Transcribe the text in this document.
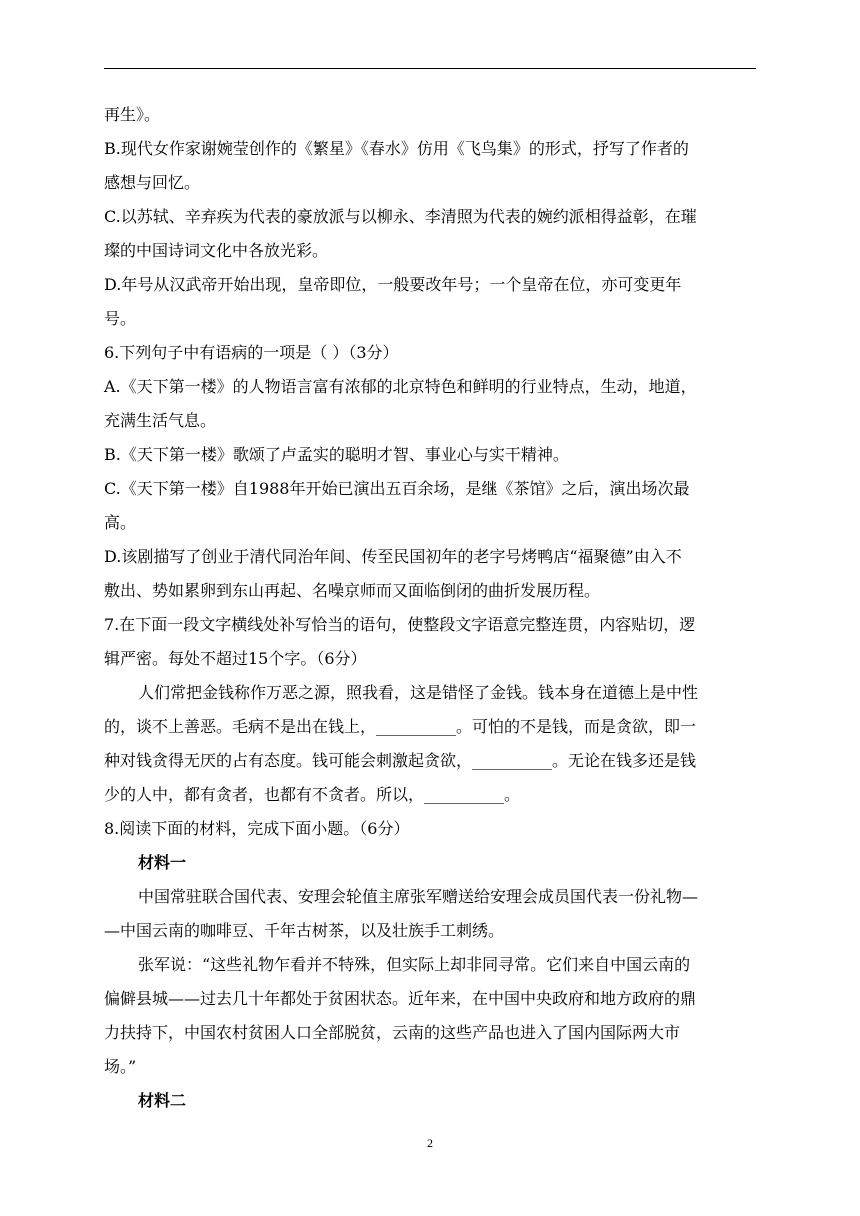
再生》。
B.现代女作家谢婉莹创作的《繁星》《春水》仿用《飞鸟集》的形式，抒写了作者的
感想与回忆。
C.以苏轼、辛弃疾为代表的豪放派与以柳永、李清照为代表的婉约派相得益彰，在璀
璨的中国诗词文化中各放光彩。
D.年号从汉武帝开始出现，皇帝即位，一般要改年号；一个皇帝在位，亦可变更年
号。
6.下列句子中有语病的一项是（ ）（3分）
A.《天下第一楼》的人物语言富有浓郁的北京特色和鲜明的行业特点，生动，地道，
充满生活气息。
B.《天下第一楼》歌颂了卢孟实的聪明才智、事业心与实干精神。
C.《天下第一楼》自1988年开始已演出五百余场，是继《茶馆》之后，演出场次最
高。
D.该剧描写了创业于清代同治年间、传至民国初年的老字号烤鸭店“福聚德”由入不
敷出、势如累卵到东山再起、名噪京师而又面临倒闭的曲折发展历程。
7.在下面一段文字横线处补写恰当的语句，使整段文字语意完整连贯，内容贴切，逻
辑严密。每处不超过15个字。（6分）
人们常把金钱称作万恶之源，照我看，这是错怪了金钱。钱本身在道德上是中性
的，谈不上善恶。毛病不是出在钱上，__________。可怕的不是钱，而是贪欲，即一
种对钱贪得无厌的占有态度。钱可能会刺激起贪欲，__________。无论在钱多还是钱
少的人中，都有贪者，也都有不贪者。所以，__________。
8.阅读下面的材料，完成下面小题。（6分）
材料一
中国常驻联合国代表、安理会轮值主席张军赠送给安理会成员国代表一份礼物—
—中国云南的咖啡豆、千年古树茶，以及壮族手工刺绣。
张军说：“这些礼物乍看并不特殊，但实际上却非同寻常。它们来自中国云南的
偏僻县城——过去几十年都处于贫困状态。近年来，在中国中央政府和地方政府的鼎
力扶持下，中国农村贫困人口全部脱贫，云南的这些产品也进入了国内国际两大市
场。”
材料二
2
